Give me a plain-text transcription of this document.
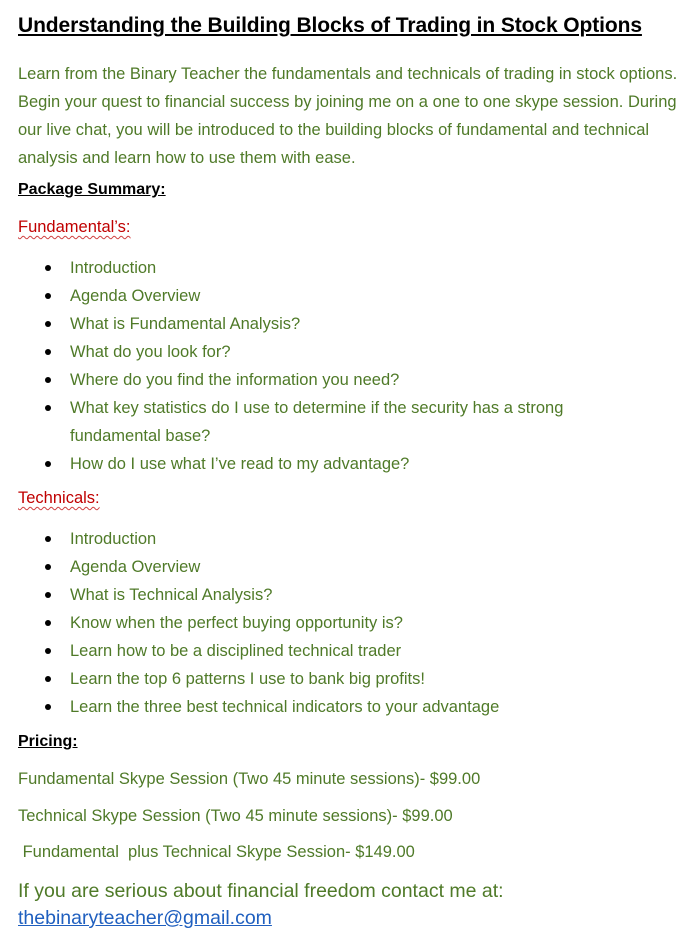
Understanding the Building Blocks of Trading in Stock Options

Learn from the Binary Teacher the fundamentals and technicals of trading in stock options. Begin your quest to financial success by joining me on a one to one skype session. During our live chat, you will be introduced to the building blocks of fundamental and technical analysis and learn how to use them with ease.

Package Summary:

Fundamental’s:

Introduction
Agenda Overview
What is Fundamental Analysis?
What do you look for?
Where do you find the information you need?
What key statistics do I use to determine if the security has a strong fundamental base?
How do I use what I’ve read to my advantage?

Technicals:

Introduction
Agenda Overview
What is Technical Analysis?
Know when the perfect buying opportunity is?
Learn how to be a disciplined technical trader
Learn the top 6 patterns I use to bank big profits!
Learn the three best technical indicators to your advantage

Pricing:

Fundamental Skype Session (Two 45 minute sessions)- $99.00

Technical Skype Session (Two 45 minute sessions)- $99.00

Fundamental  plus Technical Skype Session- $149.00

If you are serious about financial freedom contact me at:
thebinaryteacher@gmail.com
